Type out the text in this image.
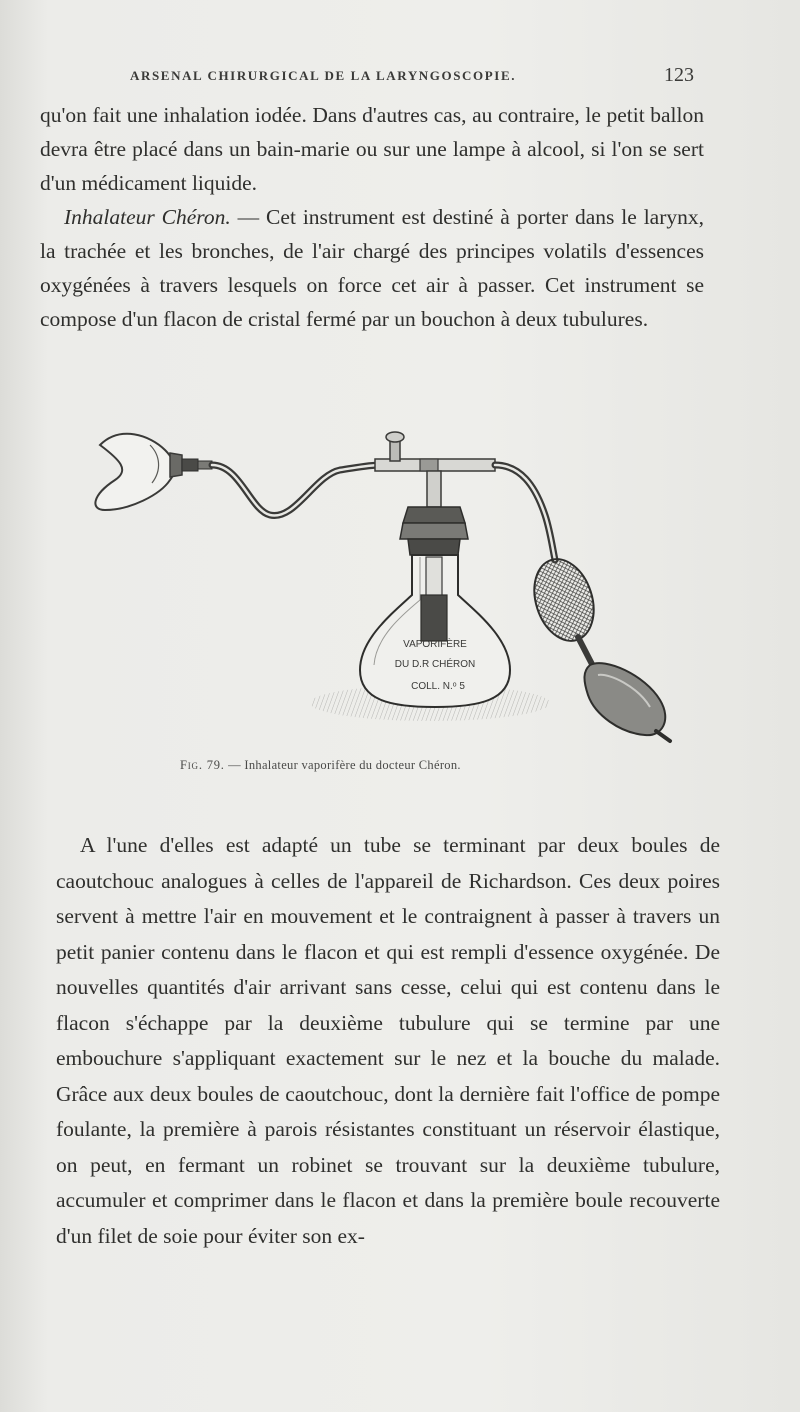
ARSENAL CHIRURGICAL DE LA LARYNGOSCOPIE.	123

qu'on fait une inhalation iodée. Dans d'autres cas, au contraire, le petit ballon devra être placé dans un bain-marie ou sur une lampe à alcool, si l'on se sert d'un médicament liquide.

Inhalateur Chéron. — Cet instrument est destiné à porter dans le larynx, la trachée et les bronches, de l'air chargé des principes volatils d'essences oxygénées à travers lesquels on force cet air à passer. Cet instrument se compose d'un flacon de cristal fermé par un bouchon à deux tubulures.

VAPORIFÈRE
DU D.R CHÉRON
COLL. N.ᵒ 5
Fig. 79. — Inhalateur vaporifère du docteur Chéron.

A l'une d'elles est adapté un tube se terminant par deux boules de caoutchouc analogues à celles de l'appareil de Richardson. Ces deux poires servent à mettre l'air en mouvement et le contraignent à passer à travers un petit panier contenu dans le flacon et qui est rempli d'essence oxygénée. De nouvelles quantités d'air arrivant sans cesse, celui qui est contenu dans le flacon s'échappe par la deuxième tubulure qui se termine par une embouchure s'appliquant exactement sur le nez et la bouche du malade. Grâce aux deux boules de caoutchouc, dont la dernière fait l'office de pompe foulante, la première à parois résistantes constituant un réservoir élastique, on peut, en fermant un robinet se trouvant sur la deuxième tubulure, accumuler et comprimer dans le flacon et dans la première boule recouverte d'un filet de soie pour éviter son ex-
